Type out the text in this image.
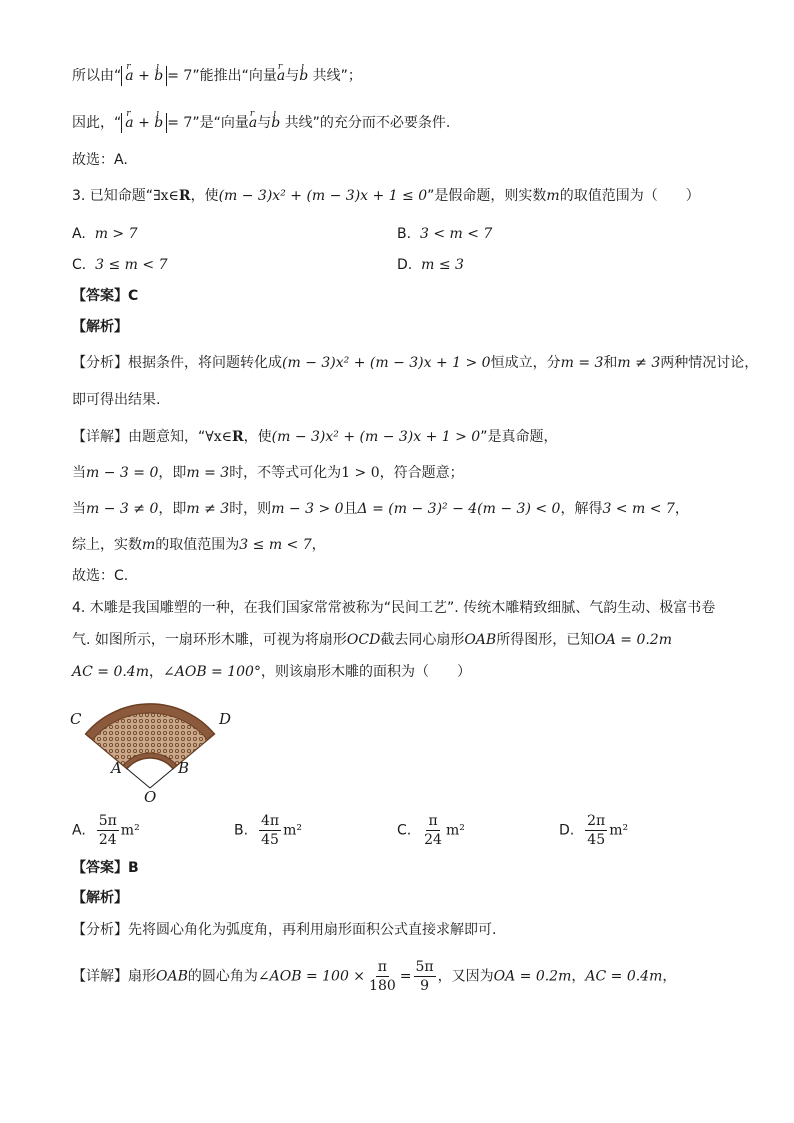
所以由“ r a + ı b = 7”能推出“向量r a与ı b 共线”；
因此，“ r a + ı b = 7”是“向量r a与ı b 共线”的充分而不必要条件.
故选：A.
3. 已知命题“∃x∈R，使(m − 3)x² + (m − 3)x + 1 ≤ 0”是假命题，则实数m的取值范围为（　　）
A. m > 7	B. 3 < m < 7
C. 3 ≤ m < 7	D. m ≤ 3
【答案】C
【解析】
【分析】根据条件，将问题转化成(m − 3)x² + (m − 3)x + 1 > 0恒成立，分m = 3和m ≠ 3两种情况讨论，
即可得出结果.
【详解】由题意知，“∀x∈R，使(m − 3)x² + (m − 3)x + 1 > 0”是真命题，
当m − 3 = 0，即m = 3时，不等式可化为1 > 0，符合题意；
当m − 3 ≠ 0，即m ≠ 3时，则m − 3 > 0且Δ = (m − 3)² − 4(m − 3) < 0，解得3 < m < 7，
综上，实数m的取值范围为3 ≤ m < 7，
故选：C.
4. 木雕是我国雕塑的一种，在我们国家常常被称为“民间工艺”. 传统木雕精致细腻、气韵生动、极富书卷
气. 如图所示，一扇环形木雕，可视为将扇形OCD截去同心扇形OAB所得图形，已知OA = 0.2m
AC = 0.4m，∠AOB = 100°，则该扇形木雕的面积为（　　）
C	D
A	B
O
A. $\frac{5\pi}{24} m^2$	B. $\frac{4\pi}{45} m^2$	C. $\frac{\pi}{24} m^2$	D. $\frac{2\pi}{45} m^2$
【答案】B
【解析】
【分析】先将圆心角化为弧度角，再利用扇形面积公式直接求解即可.
【详解】扇形OAB的圆心角为∠AOB = $100 \times \frac{\pi}{180} = \frac{5\pi}{9}$ ，又因为OA = 0.2m，AC = 0.4m，
